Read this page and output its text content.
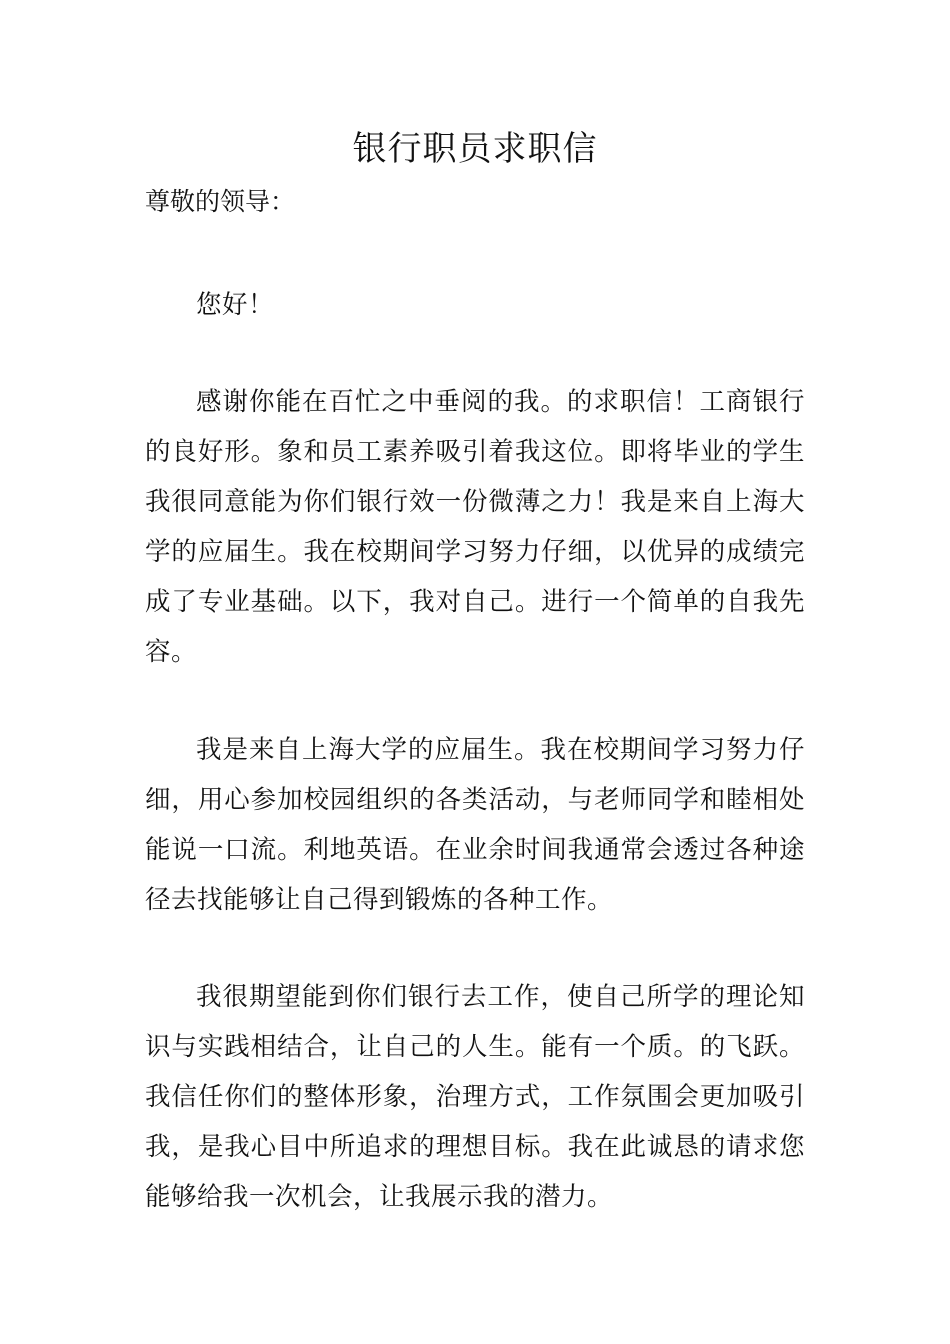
银行职员求职信
尊敬的领导：

您好！

感谢你能在百忙之中垂阅的我。的求职信！工商银行的良好形。象和员工素养吸引着我这位。即将毕业的学生我很同意能为你们银行效一份微薄之力！我是来自上海大学的应届生。我在校期间学习努力仔细，以优异的成绩完成了专业基础。以下，我对自己。进行一个简单的自我先容。

我是来自上海大学的应届生。我在校期间学习努力仔细，用心参加校园组织的各类活动，与老师同学和睦相处能说一口流。利地英语。在业余时间我通常会透过各种途径去找能够让自己得到锻炼的各种工作。

我很期望能到你们银行去工作，使自己所学的理论知识与实践相结合，让自己的人生。能有一个质。的飞跃。我信任你们的整体形象，治理方式，工作氛围会更加吸引我，是我心目中所追求的理想目标。我在此诚恳的请求您能够给我一次机会，让我展示我的潜力。
